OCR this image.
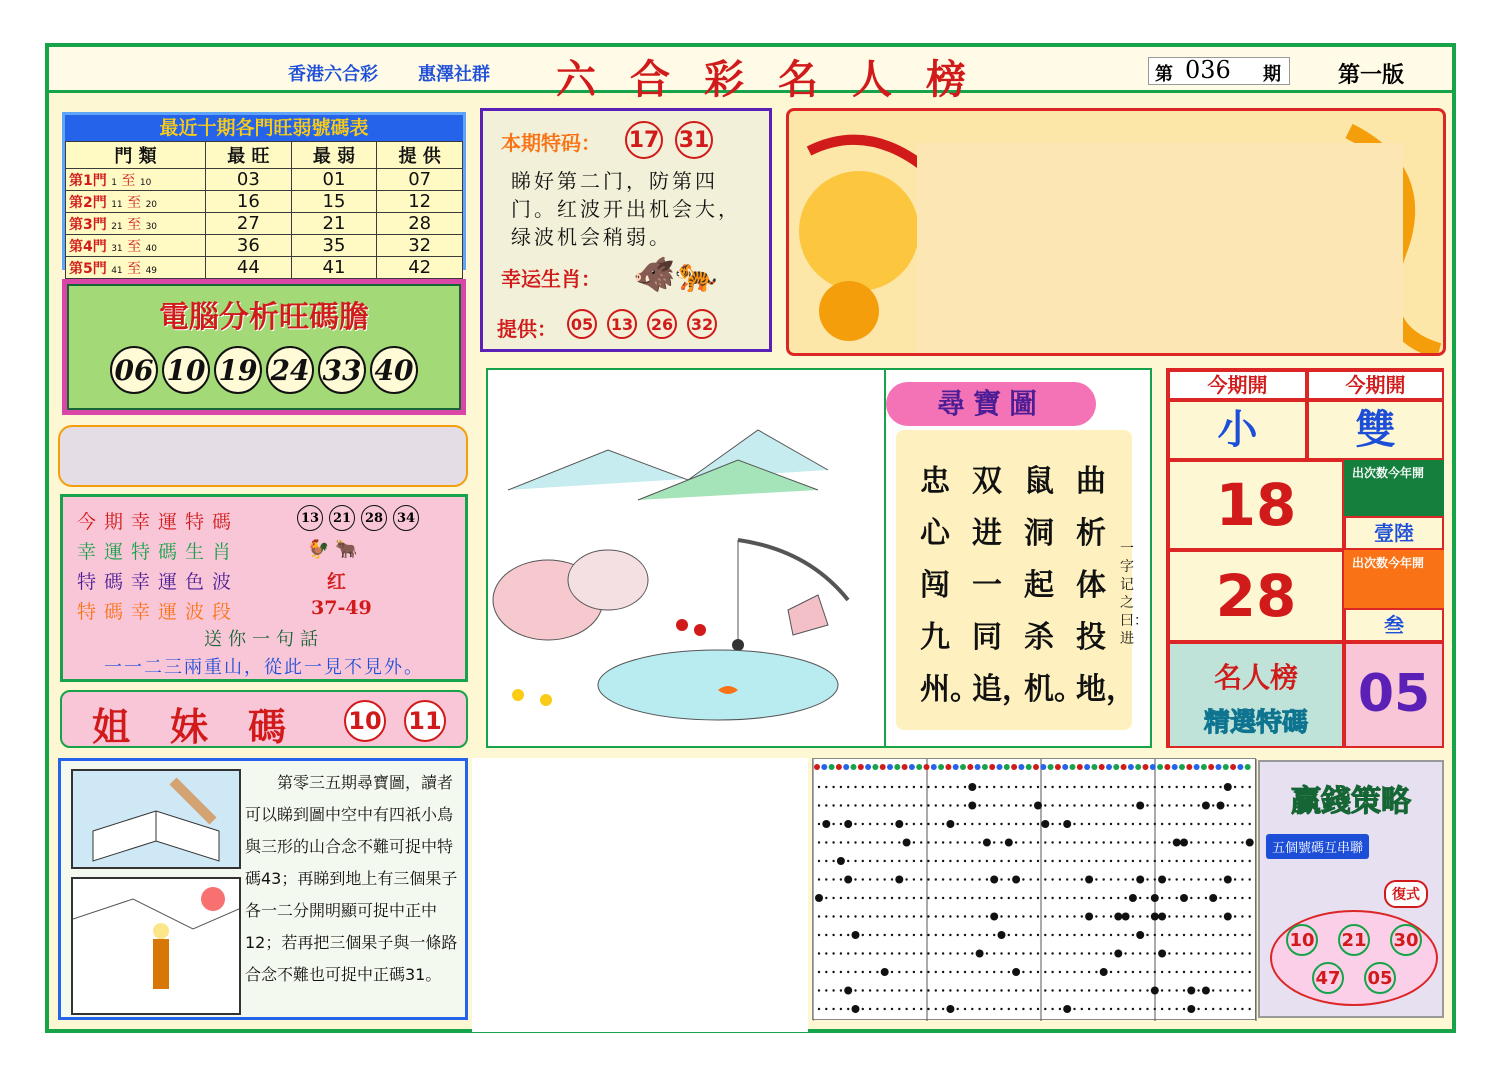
香港六合彩 惠澤社群 六合彩名人榜	第 036 期	第一版
最近十期各門旺弱號碼表
門 類	最 旺	最 弱	提 供
第1門 1 至 10	03	01	07
第2門 11 至 20	16	15	12
第3門 21 至 30	27	21	28
第4門 31 至 40	36	35	32
第5門 41 至 49	44	41	42
電腦分析旺碼膽
06 10 19 24 33 40
今期幸運特碼	13	21	28	34
幸運特碼生肖	🐓 🐂
特碼幸運色波	红
特碼幸運波段	37-49
送你一句話
一一二三兩重山，從此一見不見外。
姐妹碼 10 11
本期特码： 17 31
睇好第二门，防第四门。红波开出机会大，绿波机会稍弱。
幸运生肖： 🐗🐅
提供： 05 13 26 32
尋寶圖
曲析体投地，
鼠洞起杀机。
双进一同追，
忠心闯九州。
一字记之曰：进
今期開	今期開
小	雙
18	出次数今年開
壹陸
28	出次数今年開
叁
名人榜
精選特碼 05
第零三五期尋寶圖，讀者可以睇到圖中空中有四祇小鳥與三形的山合念不難可捉中特碼43；再睇到地上有三個果子各一二分開明顯可捉中正中12；若再把三個果子與一條路合念不難也可捉中正碼31。
贏錢策略
五個號碼互串聯
復式
10 21 30
47 05
